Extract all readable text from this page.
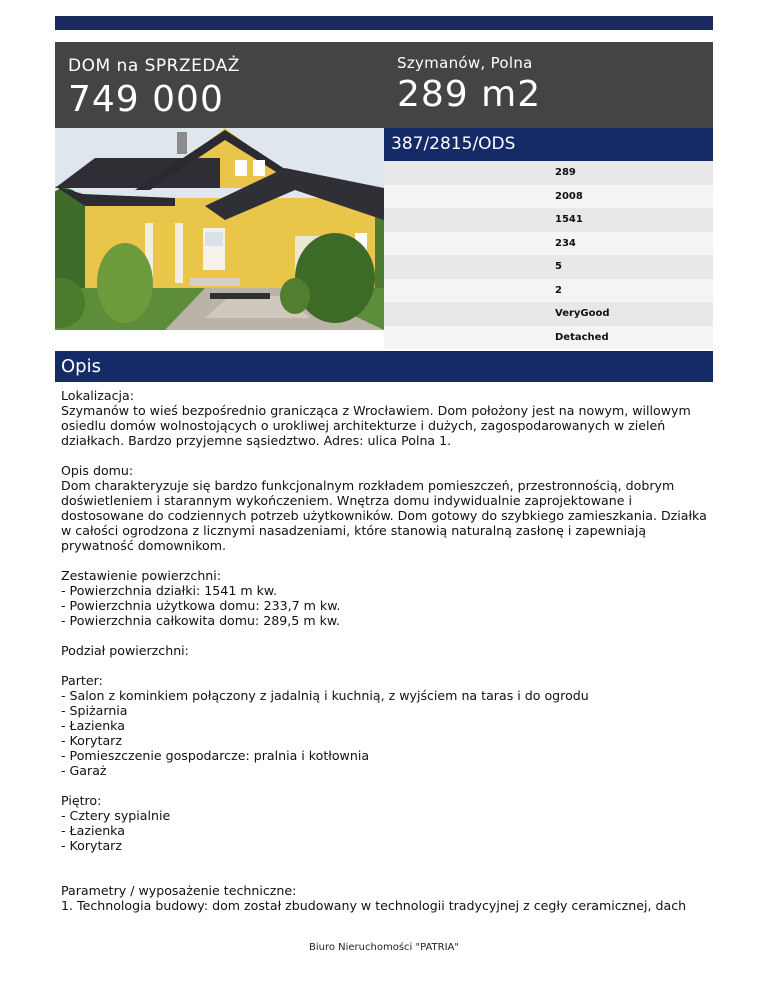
DOM na SPRZEDAŻ
749 000
Szymanów, Polna
289 m2
387/2815/ODS
289
2008
1541
234
5
2
VeryGood
Detached
Opis

Lokalizacja:
Szymanów to wieś bezpośrednio granicząca z Wrocławiem. Dom położony jest na nowym, willowym osiedlu domów wolnostojących o urokliwej architekturze i dużych, zagospodarowanych w zieleń działkach. Bardzo przyjemne sąsiedztwo. Adres: ulica Polna 1.

Opis domu:
Dom charakteryzuje się bardzo funkcjonalnym rozkładem pomieszczeń, przestronnością, dobrym doświetleniem i starannym wykończeniem. Wnętrza domu indywidualnie zaprojektowane i dostosowane do codziennych potrzeb użytkowników. Dom gotowy do szybkiego zamieszkania. Działka w całości ogrodzona z licznymi nasadzeniami, które stanowią naturalną zasłonę i zapewniają prywatność domownikom.

Zestawienie powierzchni:
- Powierzchnia działki: 1541 m kw.
- Powierzchnia użytkowa domu: 233,7 m kw.
- Powierzchnia całkowita domu: 289,5 m kw.

Podział powierzchni:

Parter:
- Salon z kominkiem połączony z jadalnią i kuchnią, z wyjściem na taras i do ogrodu
- Spiżarnia
- Łazienka
- Korytarz
- Pomieszczenie gospodarcze: pralnia i kotłownia
- Garaż

Piętro:
- Cztery sypialnie
- Łazienka
- Korytarz

Parametry / wyposażenie techniczne:
1. Technologia budowy: dom został zbudowany w technologii tradycyjnej z cegły ceramicznej, dach

Biuro Nieruchomości "PATRIA"
